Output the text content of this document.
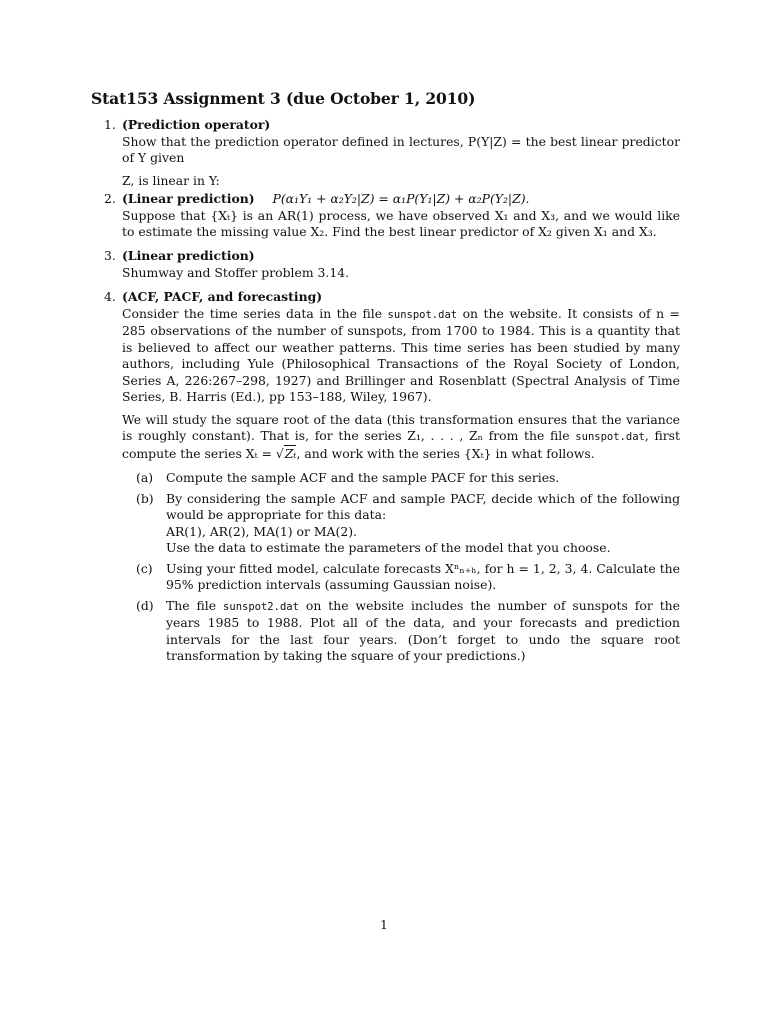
Stat153 Assignment 3 (due October 1, 2010)
1. (Prediction operator)
Show that the prediction operator defined in lectures, P(Y|Z) = the best linear predictor of Y given
Z, is linear in Y:
P(α₁Y₁ + α₂Y₂|Z) = α₁P(Y₁|Z) + α₂P(Y₂|Z).
2. (Linear prediction)
Suppose that {Xₜ} is an AR(1) process, we have observed X₁ and X₃, and we would like to estimate the missing value X₂. Find the best linear predictor of X₂ given X₁ and X₃.
3. (Linear prediction)
Shumway and Stoffer problem 3.14.
4. (ACF, PACF, and forecasting)
Consider the time series data in the file sunspot.dat on the website. It consists of n = 285 observations of the number of sunspots, from 1700 to 1984. This is a quantity that is believed to affect our weather patterns. This time series has been studied by many authors, including Yule (Philosophical Transactions of the Royal Society of London, Series A, 226:267–298, 1927) and Brillinger and Rosenblatt (Spectral Analysis of Time Series, B. Harris (Ed.), pp 153–188, Wiley, 1967).
We will study the square root of the data (this transformation ensures that the variance is roughly constant). That is, for the series Z₁, . . . , Zₙ from the file sunspot.dat, first compute the series Xₜ = √Zₜ, and work with the series {Xₜ} in what follows.
(a) Compute the sample ACF and the sample PACF for this series.
(b) By considering the sample ACF and sample PACF, decide which of the following would be appropriate for this data:
AR(1), AR(2), MA(1) or MA(2).
Use the data to estimate the parameters of the model that you choose.
(c) Using your fitted model, calculate forecasts Xⁿₙ₊ₕ, for h = 1, 2, 3, 4. Calculate the 95% prediction intervals (assuming Gaussian noise).
(d) The file sunspot2.dat on the website includes the number of sunspots for the years 1985 to 1988. Plot all of the data, and your forecasts and prediction intervals for the last four years. (Don’t forget to undo the square root transformation by taking the square of your predictions.)
1
